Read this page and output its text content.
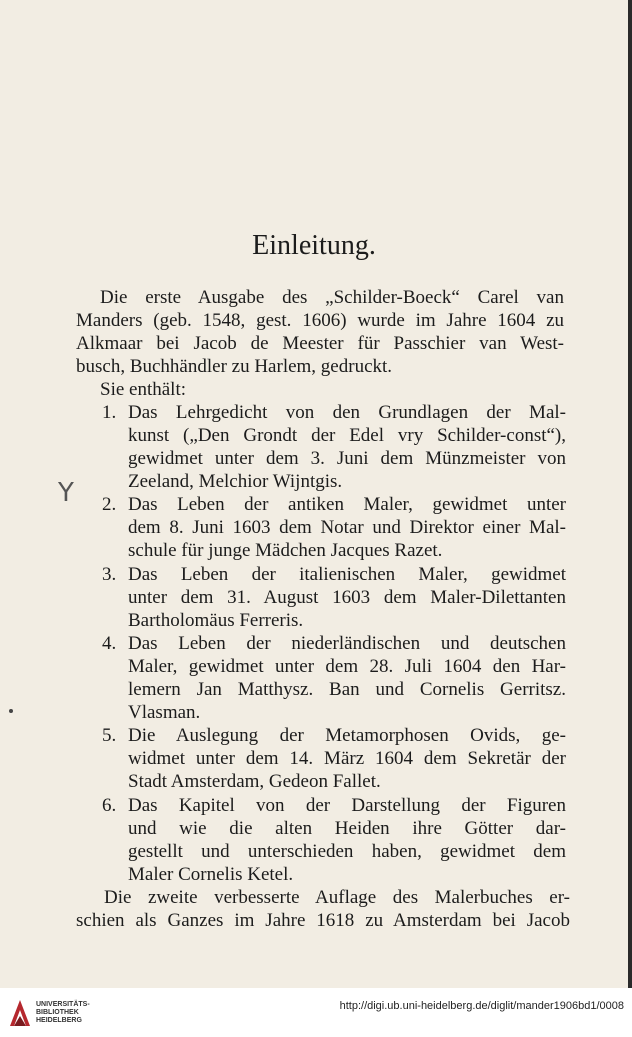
Einleitung.
Die erste Ausgabe des „Schilder-Boeck“ Carel van
Manders (geb. 1548, gest. 1606) wurde im Jahre 1604 zu
Alkmaar bei Jacob de Meester für Passchier van West-
busch, Buchhändler zu Harlem, gedruckt.
Sie enthält:
1. Das Lehrgedicht von den Grundlagen der Mal-
kunst („Den Grondt der Edel vry Schilder-const“),
gewidmet unter dem 3. Juni dem Münzmeister von
Zeeland, Melchior Wijntgis.
Y 2. Das Leben der antiken Maler, gewidmet unter
dem 8. Juni 1603 dem Notar und Direktor einer Mal-
schule für junge Mädchen Jacques Razet.
3. Das Leben der italienischen Maler, gewidmet
unter dem 31. August 1603 dem Maler-Dilettanten
Bartholomäus Ferreris.
4. Das Leben der niederländischen und deutschen
Maler, gewidmet unter dem 28. Juli 1604 den Har-
lemern Jan Matthysz. Ban und Cornelis Gerritsz.
Vlasman.
5. Die Auslegung der Metamorphosen Ovids, ge-
widmet unter dem 14. März 1604 dem Sekretär der
Stadt Amsterdam, Gedeon Fallet.
6. Das Kapitel von der Darstellung der Figuren
und wie die alten Heiden ihre Götter dar-
gestellt und unterschieden haben, gewidmet dem
Maler Cornelis Ketel.
Die zweite verbesserte Auflage des Malerbuches er-
schien als Ganzes im Jahre 1618 zu Amsterdam bei Jacob
UNIVERSITÄTS-
BIBLIOTHEK
HEIDELBERG
http://digi.ub.uni-heidelberg.de/diglit/mander1906bd1/0008
